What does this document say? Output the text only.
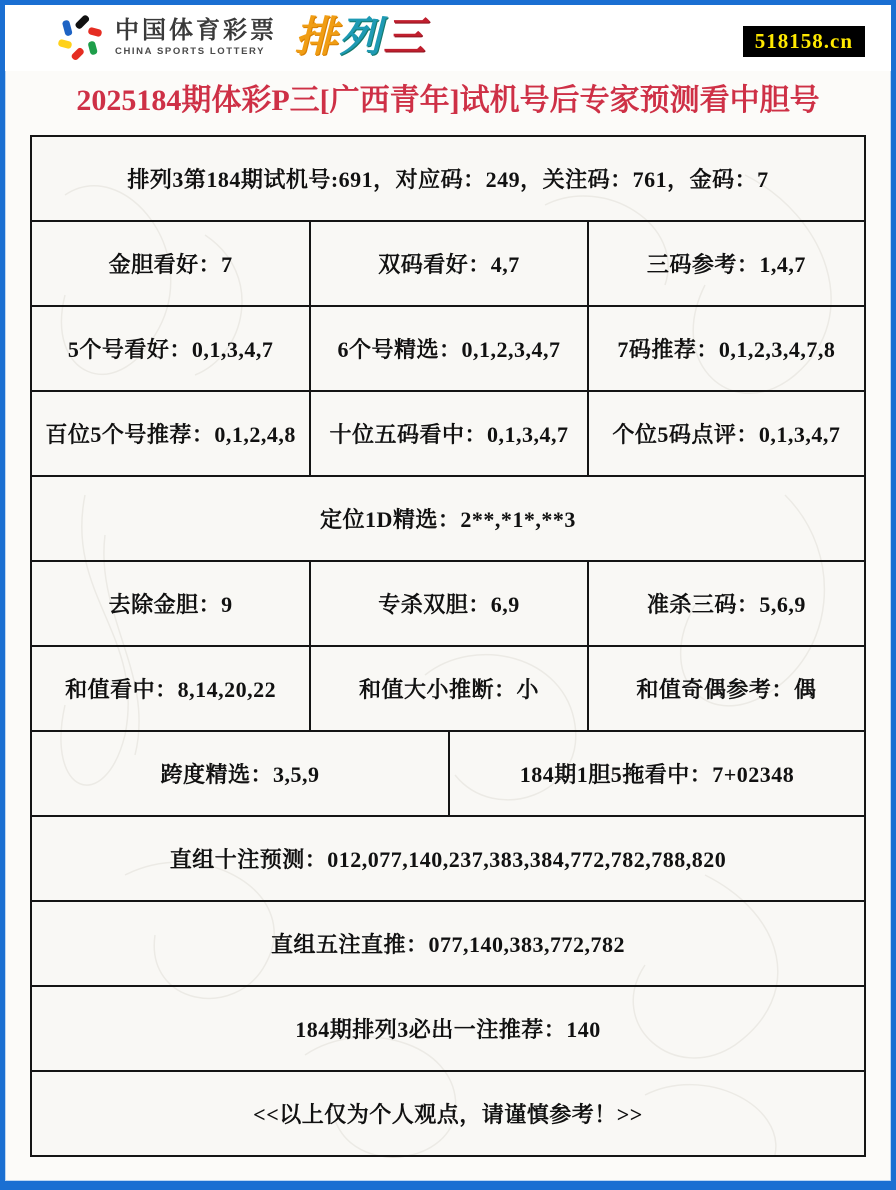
中国体育彩票
CHINA SPORTS LOTTERY 排 列 三	518158.cn
2025184期体彩P三[广西青年]试机号后专家预测看中胆号
排列3第184期试机号:691，对应码：249，关注码：761，金码：7
金胆看好：7	双码看好：4,7	三码参考：1,4,7
5个号看好：0,1,3,4,7	6个号精选：0,1,2,3,4,7	7码推荐：0,1,2,3,4,7,8
百位5个号推荐：0,1,2,4,8	十位五码看中：0,1,3,4,7	个位5码点评：0,1,3,4,7
定位1D精选：2**,*1*,**3
去除金胆：9	专杀双胆：6,9	准杀三码：5,6,9
和值看中：8,14,20,22	和值大小推断：小	和值奇偶参考：偶
跨度精选：3,5,9	184期1胆5拖看中：7+02348
直组十注预测：012,077,140,237,383,384,772,782,788,820
直组五注直推：077,140,383,772,782
184期排列3必出一注推荐：140
<<以上仅为个人观点，请谨慎参考！>>
